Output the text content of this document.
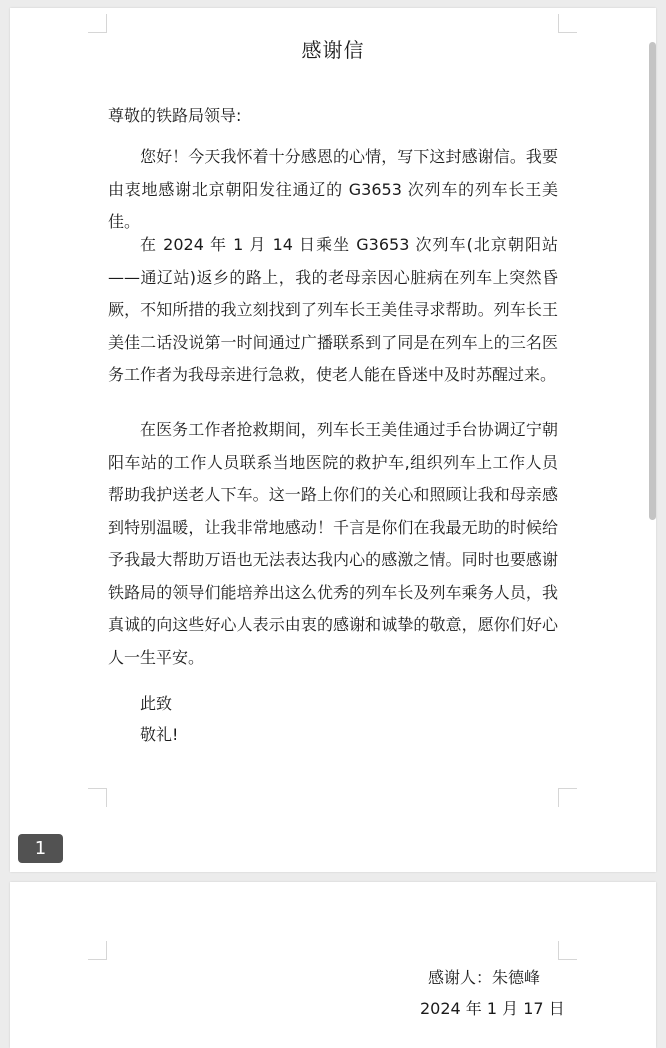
感谢信
尊敬的铁路局领导:
您好！今天我怀着十分感恩的心情，写下这封感谢信。我要由衷地感谢北京朝阳发往通辽的 G3653 次列车的列车长王美佳。
在 2024 年 1 月 14 日乘坐 G3653 次列车(北京朝阳站——通辽站)返乡的路上，我的老母亲因心脏病在列车上突然昏厥，不知所措的我立刻找到了列车长王美佳寻求帮助。列车长王美佳二话没说第一时间通过广播联系到了同是在列车上的三名医务工作者为我母亲进行急救，使老人能在昏迷中及时苏醒过来。
在医务工作者抢救期间，列车长王美佳通过手台协调辽宁朝阳车站的工作人员联系当地医院的救护车,组织列车上工作人员帮助我护送老人下车。这一路上你们的关心和照顾让我和母亲感到特别温暖，让我非常地感动！千言是你们在我最无助的时候给予我最大帮助万语也无法表达我内心的感激之情。同时也要感谢铁路局的领导们能培养出这么优秀的列车长及列车乘务人员，我真诚的向这些好心人表示由衷的感谢和诚挚的敬意，愿你们好心人一生平安。
此致
敬礼!
1
感谢人：朱德峰
2024 年 1 月 17 日
